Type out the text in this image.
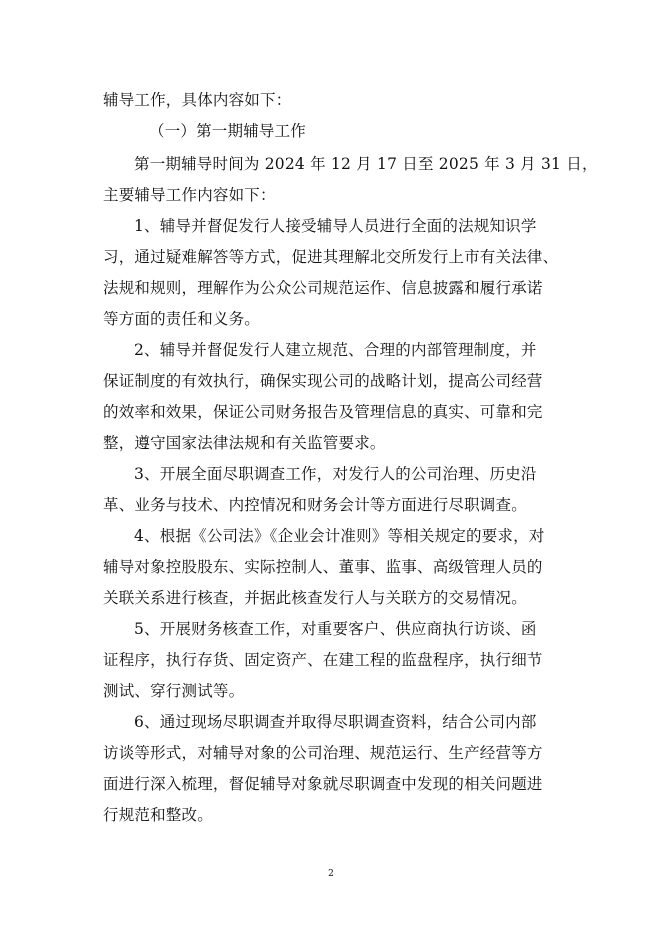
辅导工作，具体内容如下：
（一）第一期辅导工作
第一期辅导时间为 2024 年 12 月 17 日至 2025 年 3 月 31 日，
主要辅导工作内容如下：
1、辅导并督促发行人接受辅导人员进行全面的法规知识学
习，通过疑难解答等方式，促进其理解北交所发行上市有关法律、
法规和规则，理解作为公众公司规范运作、信息披露和履行承诺
等方面的责任和义务。
2、辅导并督促发行人建立规范、合理的内部管理制度，并
保证制度的有效执行，确保实现公司的战略计划，提高公司经营
的效率和效果，保证公司财务报告及管理信息的真实、可靠和完
整，遵守国家法律法规和有关监管要求。
3、开展全面尽职调查工作，对发行人的公司治理、历史沿
革、业务与技术、内控情况和财务会计等方面进行尽职调查。
4、根据《公司法》《企业会计准则》等相关规定的要求，对
辅导对象控股股东、实际控制人、董事、监事、高级管理人员的
关联关系进行核查，并据此核查发行人与关联方的交易情况。
5、开展财务核查工作，对重要客户、供应商执行访谈、函
证程序，执行存货、固定资产、在建工程的监盘程序，执行细节
测试、穿行测试等。
6、通过现场尽职调查并取得尽职调查资料，结合公司内部
访谈等形式，对辅导对象的公司治理、规范运行、生产经营等方
面进行深入梳理，督促辅导对象就尽职调查中发现的相关问题进
行规范和整改。
2
